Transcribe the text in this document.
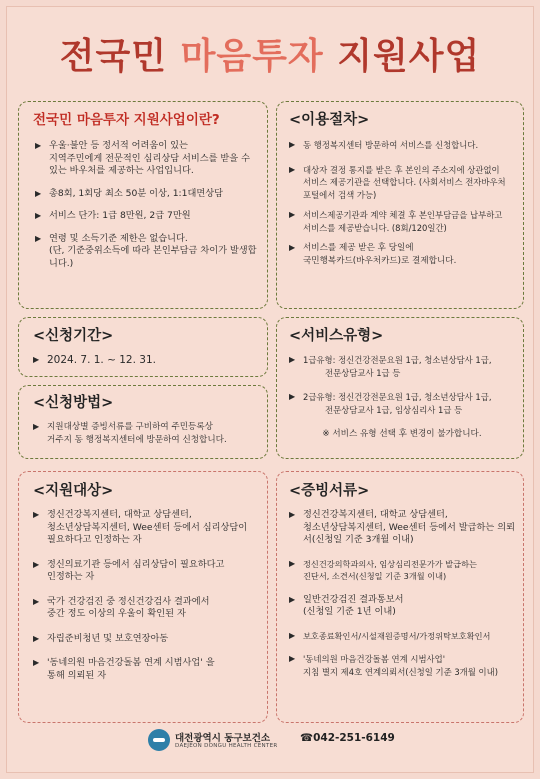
전국민 마음투자 지원사업
전국민 마음투자 지원사업이란?
▶ 우울·불안 등 정서적 어려움이 있는
지역주민에게 전문적인 심리상담 서비스를 받을 수 있는 바우처를 제공하는 사업입니다.
▶ 총8회, 1회당 최소 50분 이상, 1:1대면상담
▶ 서비스 단가: 1급 8만원, 2급 7만원
▶ 연령 및 소득기준 제한은 없습니다.
(단, 기준중위소득에 따라 본인부담금 차이가 발생합니다.)
<이용절차>
▶ 동 행정복지센터 방문하여 서비스를 신청합니다.
▶ 대상자 결정 통지를 받은 후 본인의 주소지에 상관없이
서비스 제공기관을 선택합니다. (사회서비스 전자바우처 포털에서 검색 가능)
▶ 서비스제공기관과 계약 체결 후 본인부담금을 납부하고
서비스를 제공받습니다. (8회/120일간)
▶ 서비스를 제공 받은 후 당일에
국민행복카드(바우처카드)로 결제합니다.
<신청기간>
▶ 2024. 7. 1. ~ 12. 31.
<서비스유형>
▶ 1급유형: 정신건강전문요원 1급, 청소년상담사 1급,
전문상담교사 1급 등
▶ 2급유형: 정신건강전문요원 1급, 청소년상담사 1급,
전문상담교사 1급, 임상심리사 1급 등
※ 서비스 유형 선택 후 변경이 불가합니다.
<신청방법>
▶ 지원대상별 증빙서류를 구비하여 주민등록상
거주지 동 행정복지센터에 방문하여 신청합니다.
<지원대상>
▶ 정신건강복지센터, 대학교 상담센터,
청소년상담복지센터, Wee센터 등에서 심리상담이 필요하다고 인정하는 자
▶ 정신의료기관 등에서 심리상담이 필요하다고
인정하는 자
▶ 국가 건강검진 중 정신건강검사 결과에서
중간 정도 이상의 우울이 확인된 자
▶ 자립준비청년 및 보호연장아동
▶ '동네의원 마음건강돌봄 연계 시범사업' 을
통해 의뢰된 자
<증빙서류>
▶ 정신건강복지센터, 대학교 상담센터,
청소년상담복지센터, Wee센터 등에서 발급하는 의뢰서(신청일 기준 3개월 이내)
▶ 정신건강의학과의사, 임상심리전문가가 발급하는
진단서, 소견서(신청일 기준 3개월 이내)
▶ 일반건강검진 결과통보서
(신청일 기준 1년 이내)
▶ 보호종료확인서/시설재원증명서/가정위탁보호확인서
▶ '동네의원 마음건강돌봄 연계 시범사업'
지침 별지 제4호 연계의뢰서(신청일 기준 3개월 이내)
대전광역시 동구보건소
DAEJEON DONGU HEALTH CENTER
☎042-251-6149
